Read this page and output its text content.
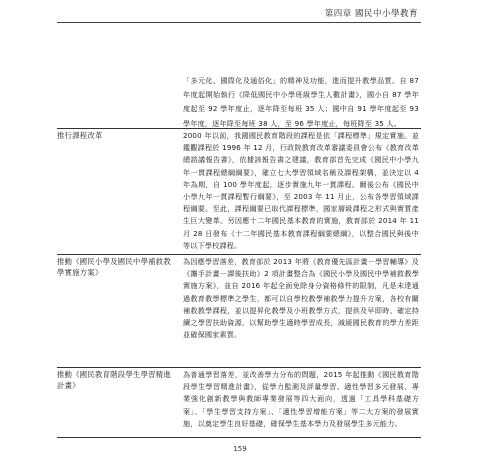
第四章 國民中小學教育
「多元化、國際化及通俗化」的精神及功能，進而提升教學品質。自 87 年度起開始執行《降低國民中小學班級學生人數計畫》，國小自 87 學年度起至 92 學年度止，逐年降至每班 35 人；國中自 91 學年度起至 93 學年度，逐年降至每班 38 人，至 96 學年度止，每班降至 35 人。
推行課程改革	2000 年以前，我國國民教育階段的課程是依「課程標準」規定實施。並鑑觀課程於 1996 年 12 月，行政院教育改革審議委員會公布《教育改革總諮議報告書》，依據該報告書之建議，教育部首先完成《國民中小學九年一貫課程總綱綱要》，確立七大學習領域名稱及課程架構，並決定以 4 年為期，自 100 學年度起，逐步實施九年一貫課程。爾後公布《國民中小學九年一貫課程暫行綱要》，至 2003 年 11 月止，公布各學習領域課程綱要。至此，課程綱要已取代課程標準，國家層級課程之形式與實質產生巨大變革。另因應十二年國民基本教育的實施，教育部於 2014 年 11 月 28 日發布《十二年國民基本教育課程綱要總綱》，以整合國民與後中等以下學校課程。
推動《國民小學及國民中學補救教學實施方案》
為因應學習落差，教育部於 2013 年將《教育優先區計畫－學習輔導》及《攜手計畫－課後扶助》2 項計畫整合為《國民小學及國民中學補救教學實施方案》，並自 2016 年起全面免除身分資格條件的限制，凡是未達通過教育教學標準之學生，都可以自學校教學補救學力提升方案，各校有關補救教學課程，並以提昇化教學及小班教學方式，提供及早即時、確定持續之學習扶助資源，以幫助學生適時學習成長，減緩國民教育的學力差距並確保國家素質。
推動《國民教育階段學生學習精進計畫》
為普通學習落差，並改善學力分布的問題，2015 年起推動《國民教育階段學生學習精進計畫》，從學力監測及評量學習、適性學習多元發展、專業強化創新教學與教師專業發展等四大面向，透過「工具學科基礎方案」、「學生學習支持方案」、「適性學習增能方案」等二大方案的發展實施，以奠定學生良好基礎，確保學生基本學力及發展學生多元能力。
159
